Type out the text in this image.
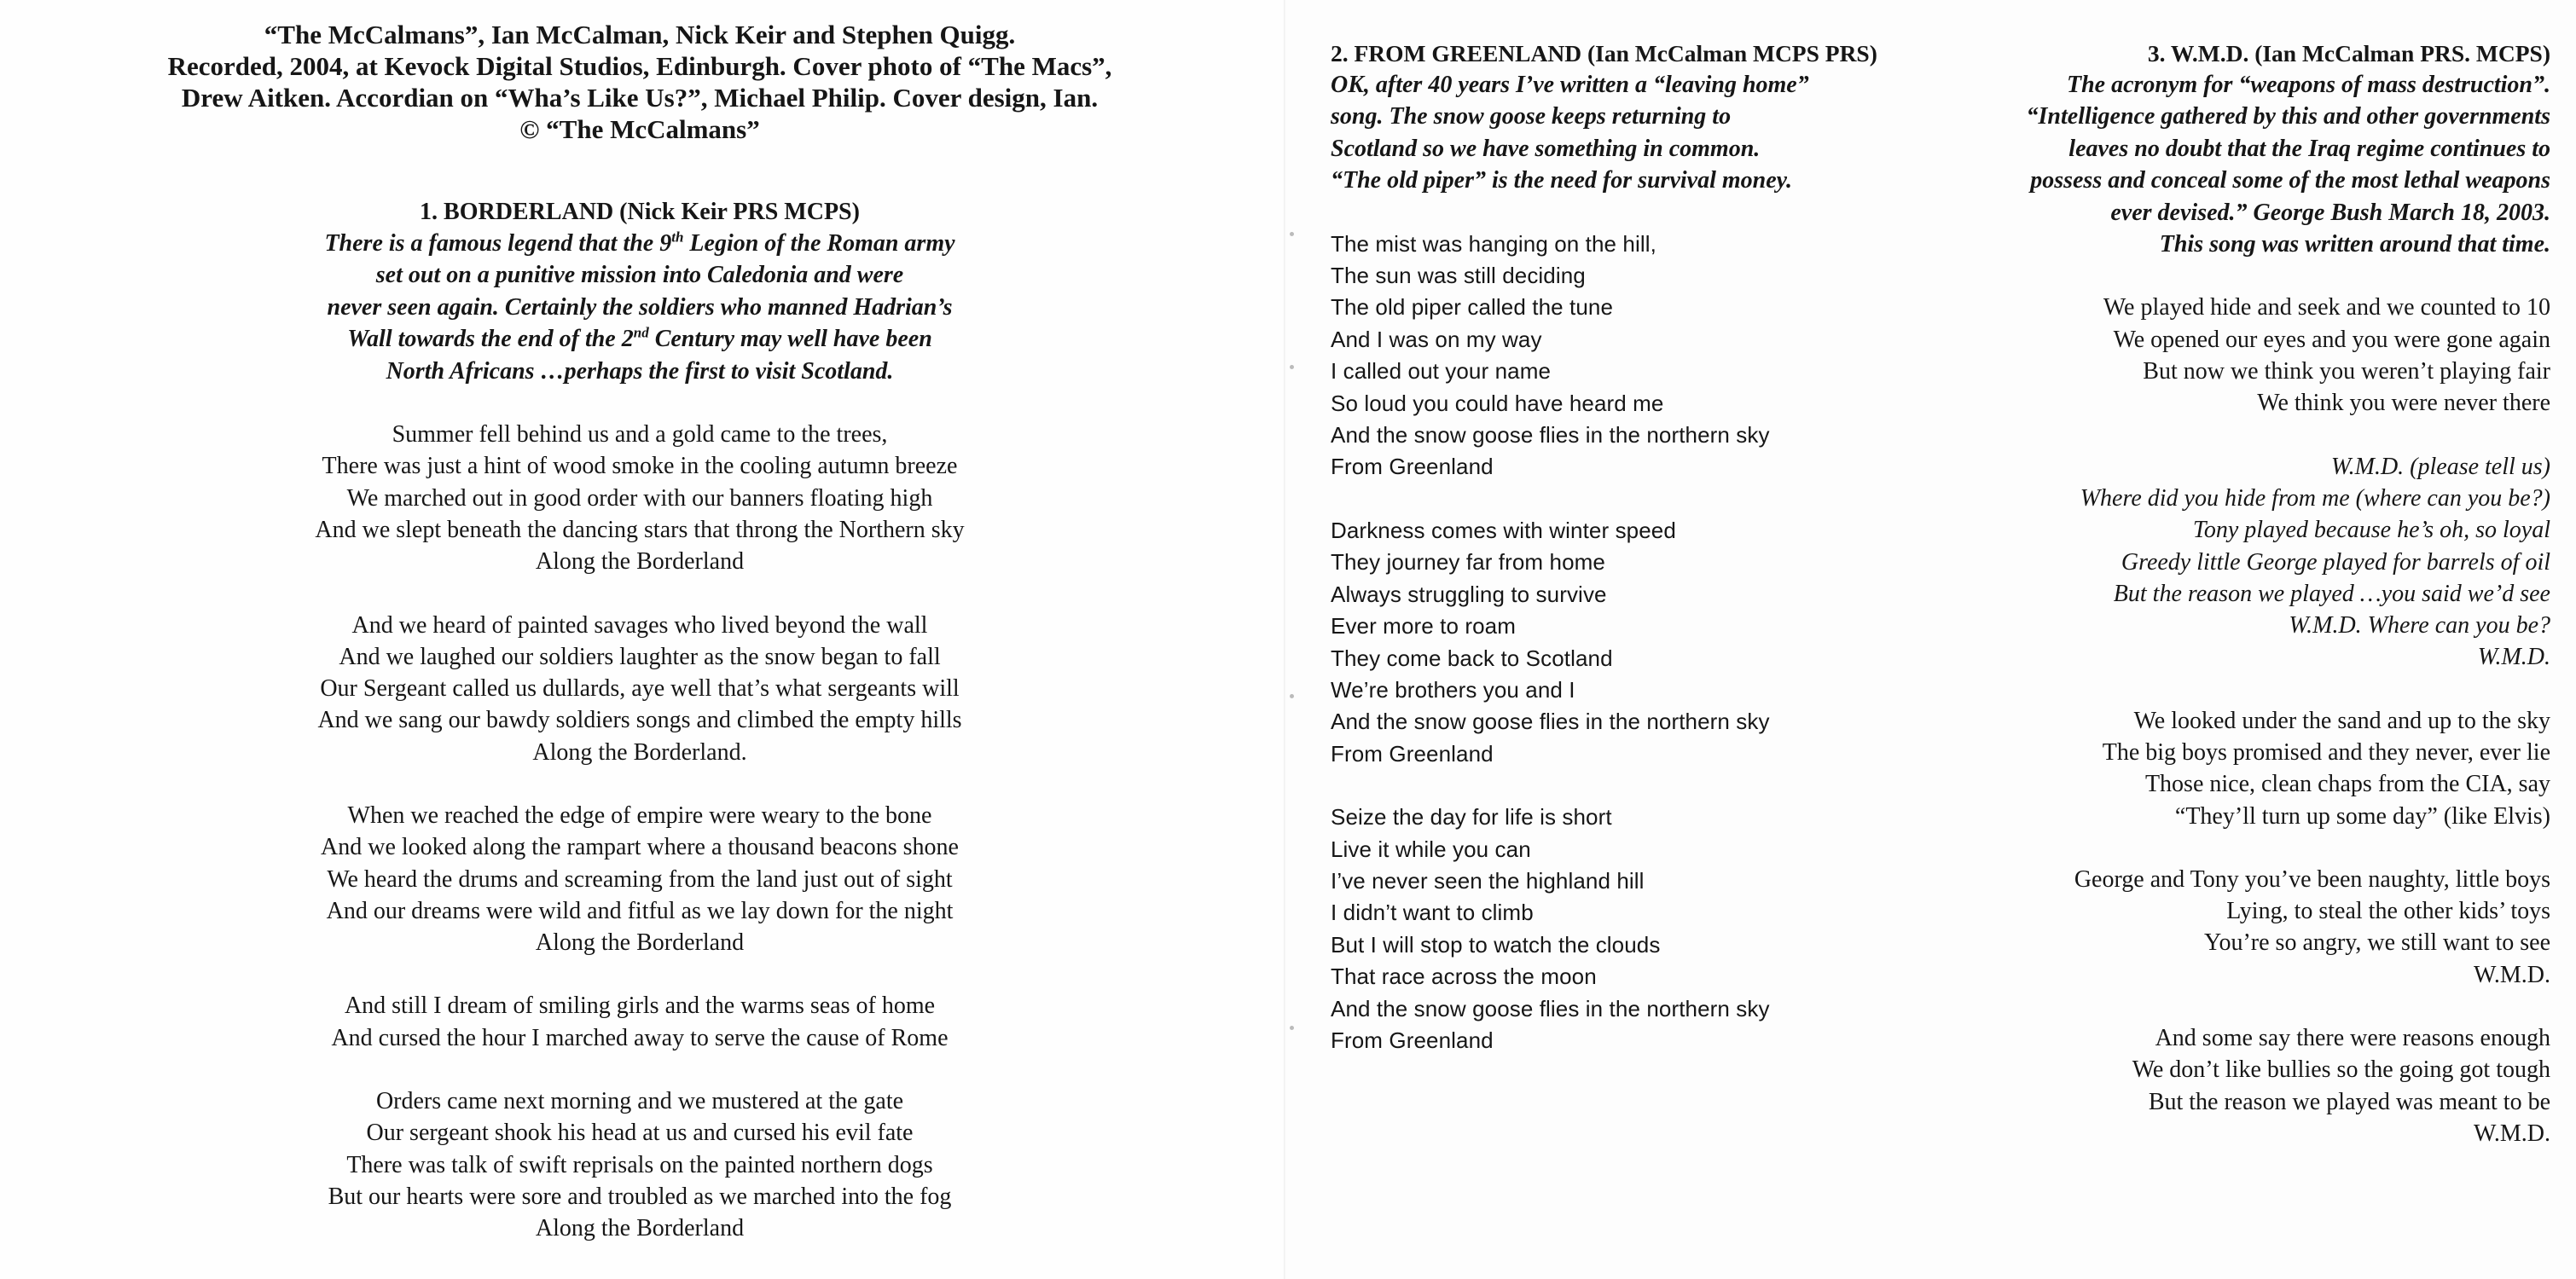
“The McCalmans”, Ian McCalman, Nick Keir and Stephen Quigg.
Recorded, 2004, at Kevock Digital Studios, Edinburgh. Cover photo of “The Macs”,
Drew Aitken. Accordian on “Wha’s Like Us?”, Michael Philip. Cover design, Ian.
© “The McCalmans”
1. BORDERLAND (Nick Keir PRS MCPS)
There is a famous legend that the 9th Legion of the Roman army
set out on a punitive mission into Caledonia and were
never seen again. Certainly the soldiers who manned Hadrian’s
Wall towards the end of the 2nd Century may well have been
North Africans …perhaps the first to visit Scotland.
Summer fell behind us and a gold came to the trees,
There was just a hint of wood smoke in the cooling autumn breeze
We marched out in good order with our banners floating high
And we slept beneath the dancing stars that throng the Northern sky
Along the Borderland
And we heard of painted savages who lived beyond the wall
And we laughed our soldiers laughter as the snow began to fall
Our Sergeant called us dullards, aye well that’s what sergeants will
And we sang our bawdy soldiers songs and climbed the empty hills
Along the Borderland.
When we reached the edge of empire were weary to the bone
And we looked along the rampart where a thousand beacons shone
We heard the drums and screaming from the land just out of sight
And our dreams were wild and fitful as we lay down for the night
Along the Borderland
And still I dream of smiling girls and the warms seas of home
And cursed the hour I marched away to serve the cause of Rome
Orders came next morning and we mustered at the gate
Our sergeant shook his head at us and cursed his evil fate
There was talk of swift reprisals on the painted northern dogs
But our hearts were sore and troubled as we marched into the fog
Along the Borderland
2. FROM GREENLAND (Ian McCalman MCPS PRS)
OK, after 40 years I’ve written a “leaving home”
song. The snow goose keeps returning to
Scotland so we have something in common.
“The old piper” is the need for survival money.
The mist was hanging on the hill,
The sun was still deciding
The old piper called the tune
And I was on my way
I called out your name
So loud you could have heard me
And the snow goose flies in the northern sky
From Greenland
Darkness comes with winter speed
They journey far from home
Always struggling to survive
Ever more to roam
They come back to Scotland
We’re brothers you and I
And the snow goose flies in the northern sky
From Greenland
Seize the day for life is short
Live it while you can
I’ve never seen the highland hill
I didn’t want to climb
But I will stop to watch the clouds
That race across the moon
And the snow goose flies in the northern sky
From Greenland
3. W.M.D. (Ian McCalman PRS. MCPS)
The acronym for “weapons of mass destruction”.
“Intelligence gathered by this and other governments
leaves no doubt that the Iraq regime continues to
possess and conceal some of the most lethal weapons
ever devised.” George Bush March 18, 2003.
This song was written around that time.
We played hide and seek and we counted to 10
We opened our eyes and you were gone again
But now we think you weren’t playing fair
We think you were never there
W.M.D. (please tell us)
Where did you hide from me (where can you be?)
Tony played because he’s oh, so loyal
Greedy little George played for barrels of oil
But the reason we played …you said we’d see
W.M.D. Where can you be?
W.M.D.
We looked under the sand and up to the sky
The big boys promised and they never, ever lie
Those nice, clean chaps from the CIA, say
“They’ll turn up some day” (like Elvis)
George and Tony you’ve been naughty, little boys
Lying, to steal the other kids’ toys
You’re so angry, we still want to see
W.M.D.
And some say there were reasons enough
We don’t like bullies so the going got tough
But the reason we played was meant to be
W.M.D.
